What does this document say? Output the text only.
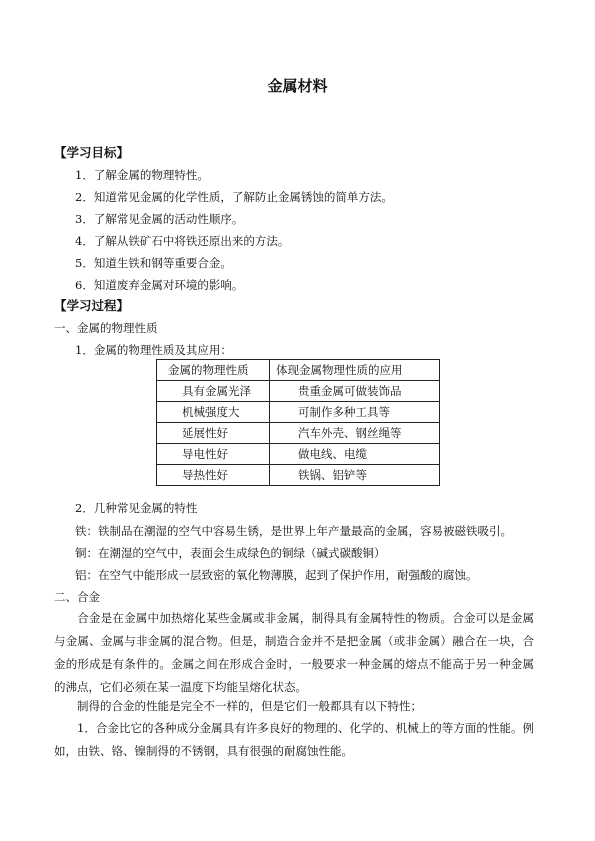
金属材料
【学习目标】
1．了解金属的物理特性。
2．知道常见金属的化学性质，了解防止金属锈蚀的简单方法。
3．了解常见金属的活动性顺序。
4．了解从铁矿石中将铁还原出来的方法。
5．知道生铁和钢等重要合金。
6．知道废弃金属对环境的影响。
【学习过程】
一、金属的物理性质
1．金属的物理性质及其应用：
金属的物理性质	体现金属物理性质的应用
具有金属光泽	贵重金属可做装饰品
机械强度大	可制作多种工具等
延展性好	汽车外壳、钢丝绳等
导电性好	做电线、电缆
导热性好	铁锅、铝铲等
2．几种常见金属的特性
铁：铁制品在潮湿的空气中容易生锈，是世界上年产量最高的金属，容易被磁铁吸引。
铜：在潮湿的空气中，表面会生成绿色的铜绿（碱式碳酸铜）
铝：在空气中能形成一层致密的氧化物薄膜，起到了保护作用，耐强酸的腐蚀。
二、合金
合金是在金属中加热熔化某些金属或非金属，制得具有金属特性的物质。合金可以是金属与金属、金属与非金属的混合物。但是，制造合金并不是把金属（或非金属）融合在一块，合金的形成是有条件的。金属之间在形成合金时，一般要求一种金属的熔点不能高于另一种金属的沸点，它们必须在某一温度下均能呈熔化状态。
制得的合金的性能是完全不一样的，但是它们一般都具有以下特性；
1．合金比它的各种成分金属具有许多良好的物理的、化学的、机械上的等方面的性能。例如，由铁、铬、镍制得的不锈钢，具有很强的耐腐蚀性能。
